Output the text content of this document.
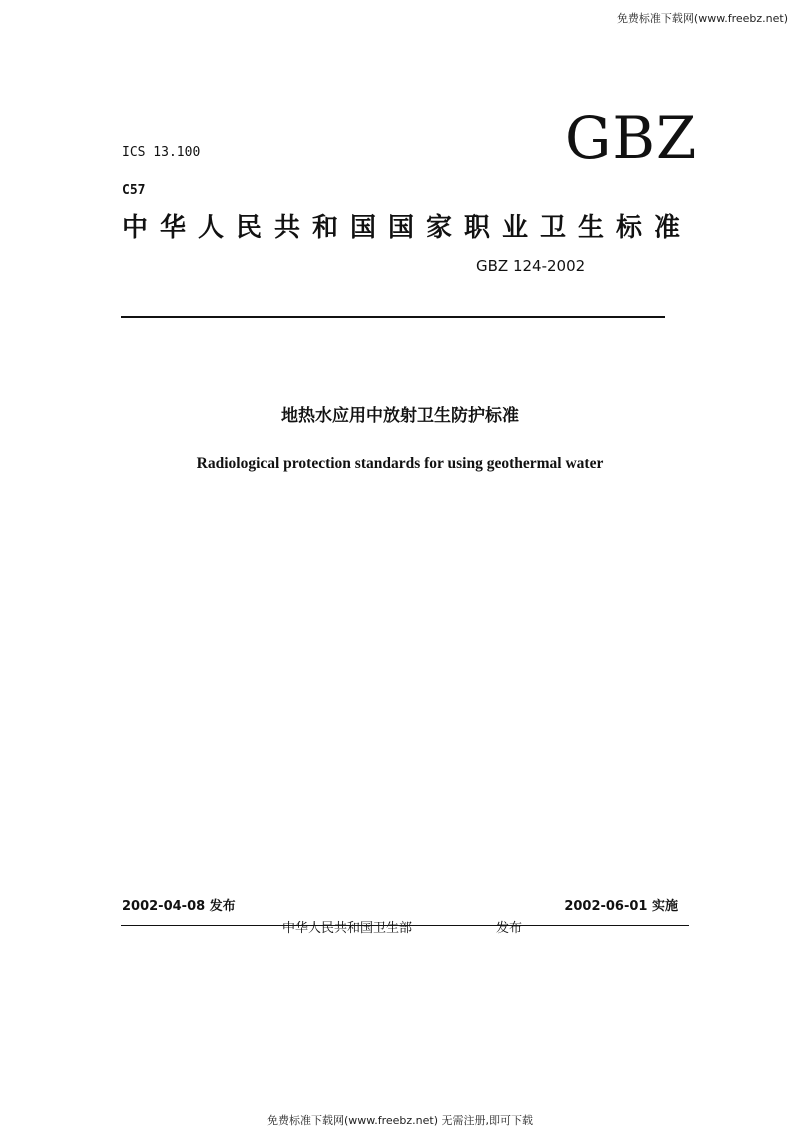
免费标准下载网(www.freebz.net)
ICS 13.100
C57
GBZ
中华人民共和国国家职业卫生标准
GBZ 124-2002
地热水应用中放射卫生防护标准
Radiological protection standards for using geothermal water
2002-04-08 发布	2002-06-01 实施
中华人民共和国卫生部	发布
免费标准下载网(www.freebz.net) 无需注册,即可下载
